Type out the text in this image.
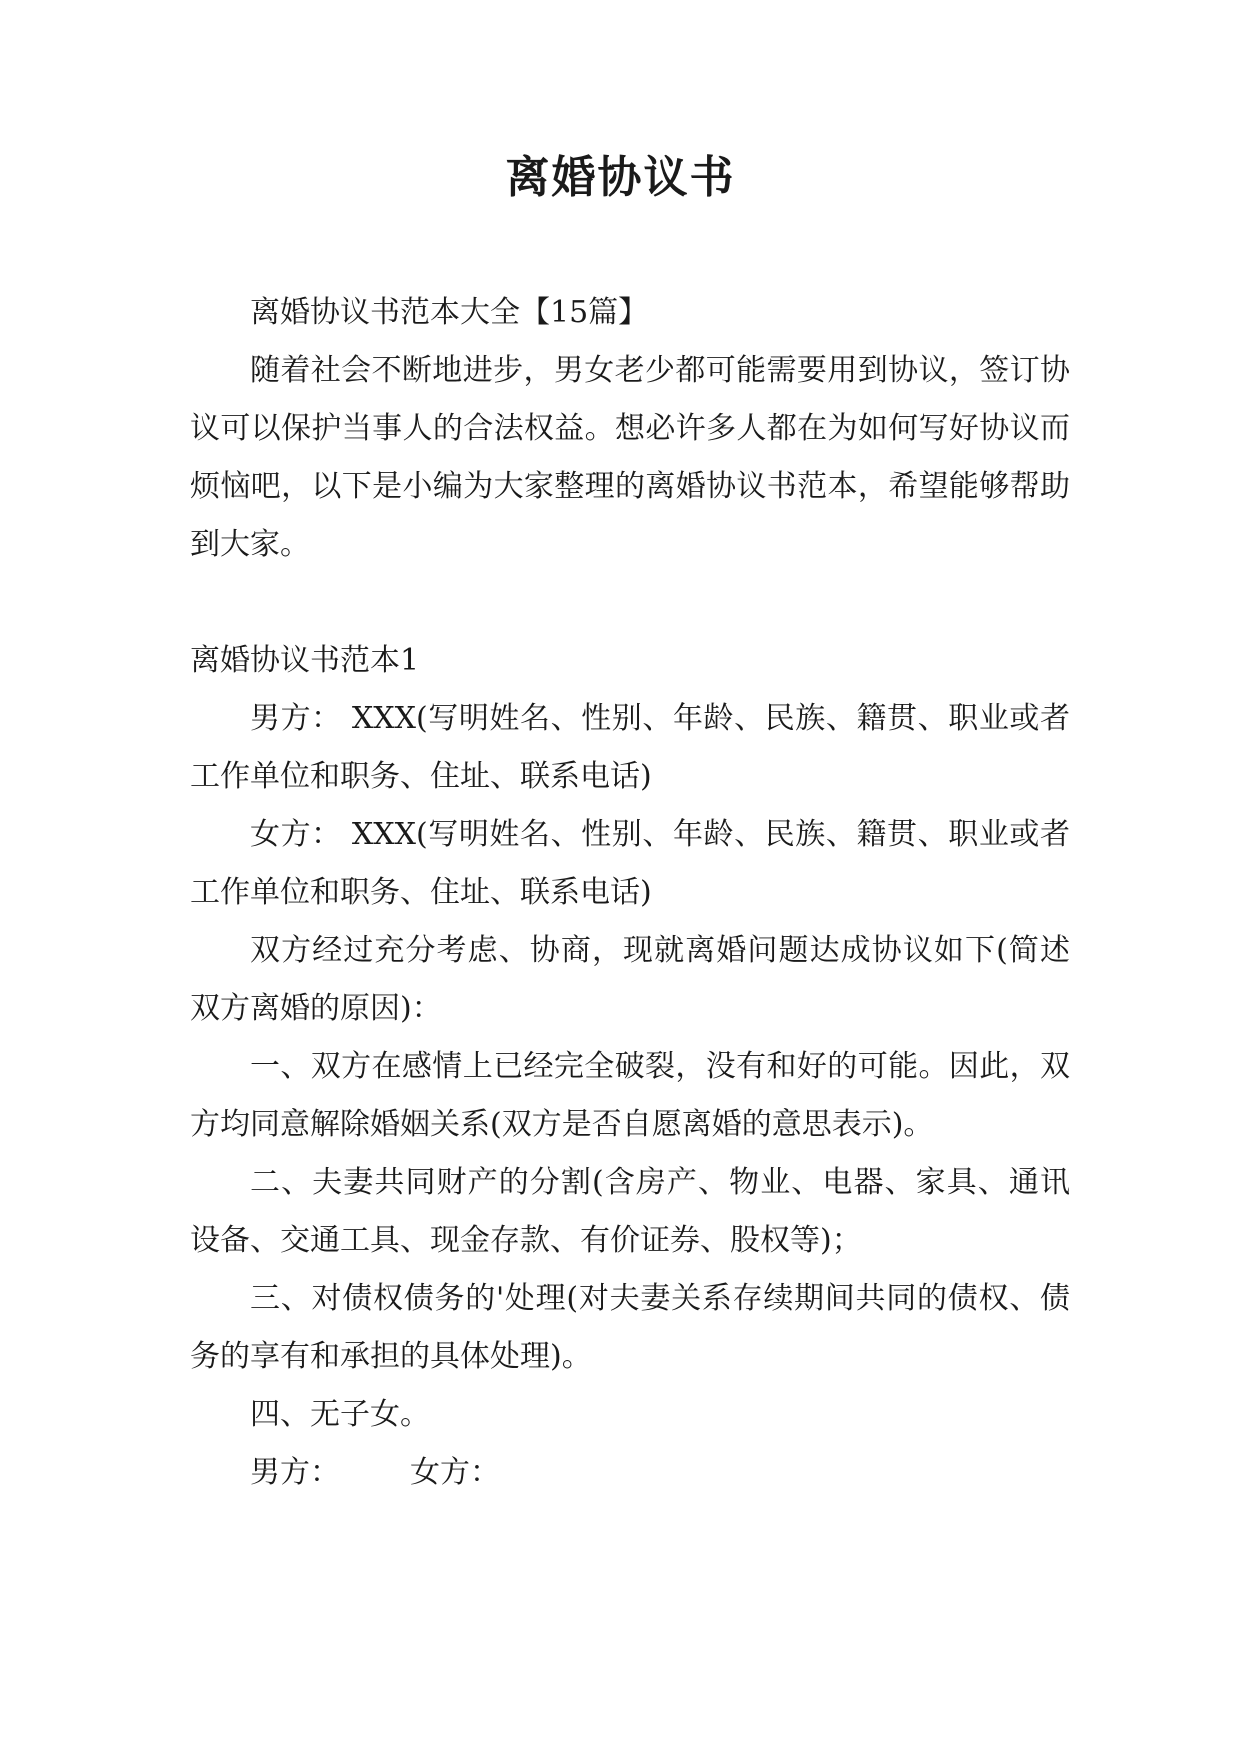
离婚协议书

离婚协议书范本大全【15篇】

随着社会不断地进步，男女老少都可能需要用到协议，签订协议可以保护当事人的合法权益。想必许多人都在为如何写好协议而烦恼吧，以下是小编为大家整理的离婚协议书范本，希望能够帮助到大家。

离婚协议书范本1

男方： XXX(写明姓名、性别、年龄、民族、籍贯、职业或者工作单位和职务、住址、联系电话)

女方： XXX(写明姓名、性别、年龄、民族、籍贯、职业或者工作单位和职务、住址、联系电话)

双方经过充分考虑、协商，现就离婚问题达成协议如下(简述双方离婚的原因)：

一、双方在感情上已经完全破裂，没有和好的可能。因此，双方均同意解除婚姻关系(双方是否自愿离婚的意思表示)。

二、夫妻共同财产的分割(含房产、物业、电器、家具、通讯设备、交通工具、现金存款、有价证券、股权等)；

三、对债权债务的'处理(对夫妻关系存续期间共同的债权、债务的享有和承担的具体处理)。

四、无子女。

男方： 女方：
